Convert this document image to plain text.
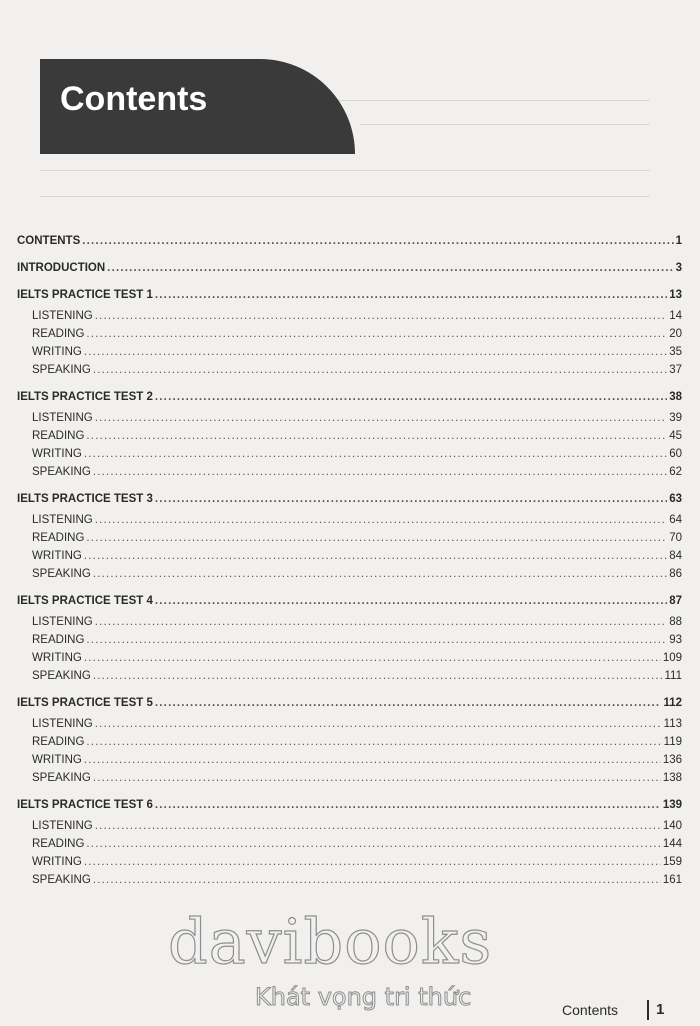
Contents
CONTENTS .....	1
INTRODUCTION .....	3
IELTS PRACTICE TEST 1 .....	13
LISTENING .....	14
READING .....	20
WRITING .....	35
SPEAKING .....	37
IELTS PRACTICE TEST 2 .....	38
LISTENING .....	39
READING .....	45
WRITING .....	60
SPEAKING .....	62
IELTS PRACTICE TEST 3 .....	63
LISTENING .....	64
READING .....	70
WRITING .....	84
SPEAKING .....	86
IELTS PRACTICE TEST 4 .....	87
LISTENING .....	88
READING .....	93
WRITING .....	109
SPEAKING .....	111
IELTS PRACTICE TEST 5 .....	112
LISTENING .....	113
READING .....	119
WRITING .....	136
SPEAKING .....	138
IELTS PRACTICE TEST 6 .....	139
LISTENING .....	140
READING .....	144
WRITING .....	159
SPEAKING .....	161
davibooks
Khát vọng tri thức	Contents	1
